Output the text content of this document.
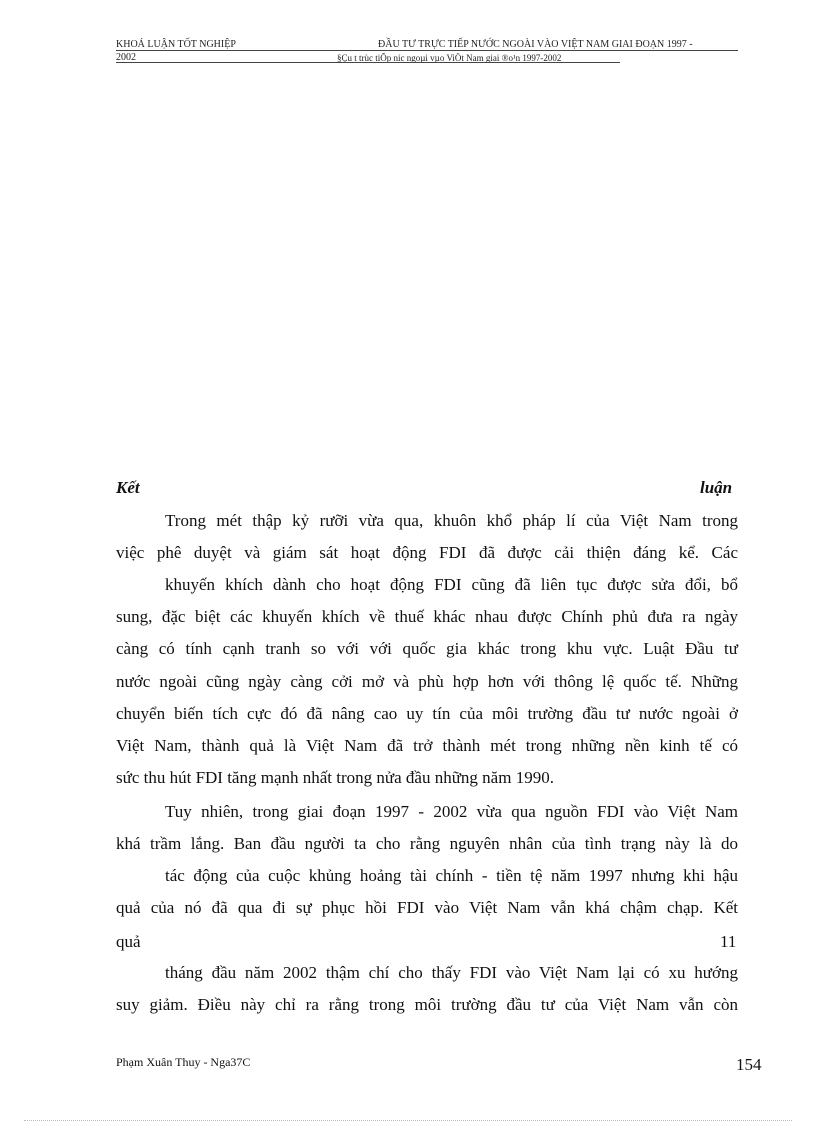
KHOÁ LUẬN TỐT NGHIỆP	ĐẦU TƯ TRỰC TIẾP NƯỚC NGOÀI VÀO VIỆT NAM GIAI ĐOẠN 1997 -
2002	§Çu t trùc tiÕp níc ngoµi vµo ViÖt Nam giai ®o¹n 1997-2002
Kết	luận
Trong mét thập kỷ rưỡi vừa qua, khuôn khổ pháp lí của Việt Nam trong
việc phê duyệt và giám sát hoạt động FDI đã được cải thiện đáng kể. Các
khuyến khích dành cho hoạt động FDI cũng đã liên tục được sửa đổi, bổ
sung, đặc biệt các khuyến khích về thuế khác nhau được Chính phủ đưa ra ngày
càng có tính cạnh tranh so với với quốc gia khác trong khu vực. Luật Đầu tư
nước ngoài cũng ngày càng cởi mở và phù hợp hơn với thông lệ quốc tế. Những
chuyển biến tích cực đó đã nâng cao uy tín của môi trường đầu tư nước ngoài ở
Việt Nam, thành quả là Việt Nam đã trở thành mét trong những nền kinh tế có
sức thu hút FDI tăng mạnh nhất trong nửa đầu những năm 1990.
Tuy nhiên, trong giai đoạn 1997 - 2002 vừa qua nguồn FDI vào Việt Nam
khá trầm lắng. Ban đầu người ta cho rằng nguyên nhân của tình trạng này là do
tác động của cuộc khủng hoảng tài chính - tiền tệ năm 1997 nhưng khi hậu
quả của nó đã qua đi sự phục hồi FDI vào Việt Nam vẫn khá chậm chạp. Kết
quả	11
tháng đầu năm 2002 thậm chí cho thấy FDI vào Việt Nam lại có xu hướng
suy giảm. Điều này chỉ ra rằng trong môi trường đầu tư của Việt Nam vẫn còn
Phạm Xuân Thuy - Nga37C	154
